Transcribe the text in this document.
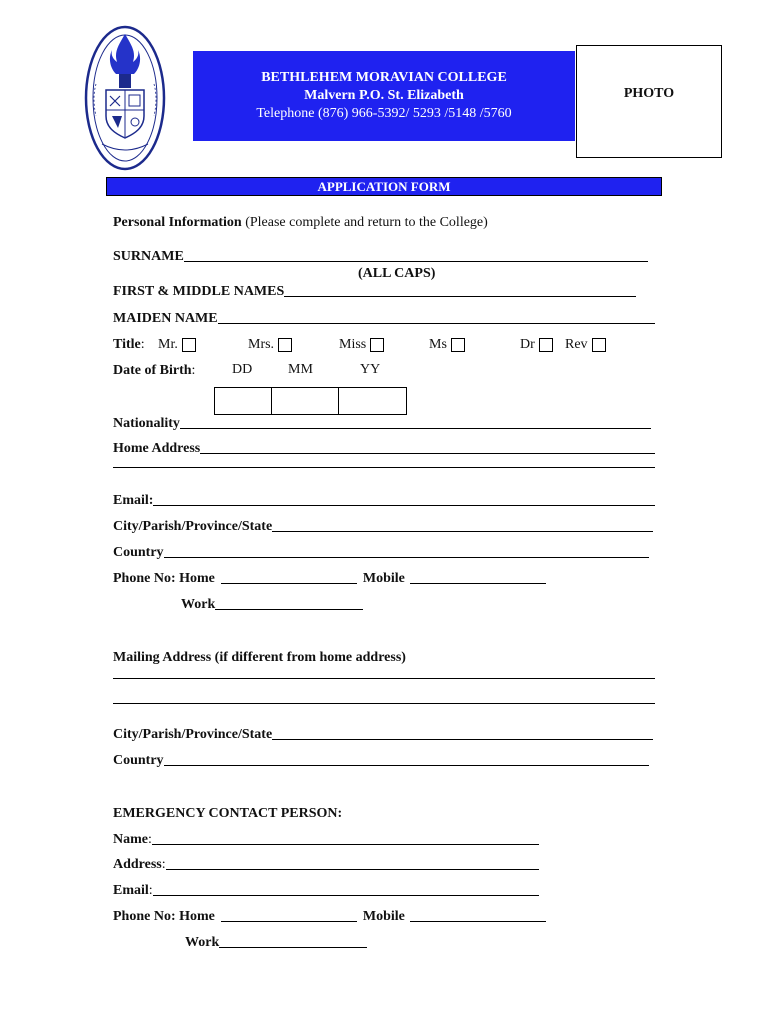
BETHLEHEM MORAVIAN COLLEGE
Malvern P.O. St. Elizabeth
Telephone (876) 966-5392/ 5293 /5148 /5760
PHOTO
APPLICATION FORM
Personal Information (Please complete and return to the College)
SURNAME
(ALL CAPS)
FIRST & MIDDLE NAMES
MAIDEN NAME
Title : Mr.	Mrs.	Miss	Ms	Dr	Rev
Date of Birth :	DD	MM	YY
Nationality
Home Address
Email:
City/Parish/Province/State
Country
Phone No: Home	Mobile
Work
Mailing Address (if different from home address)
City/Parish/Province/State
Country
EMERGENCY CONTACT PERSON:
Name :
Address :
Email :
Phone No: Home	Mobile
Work
